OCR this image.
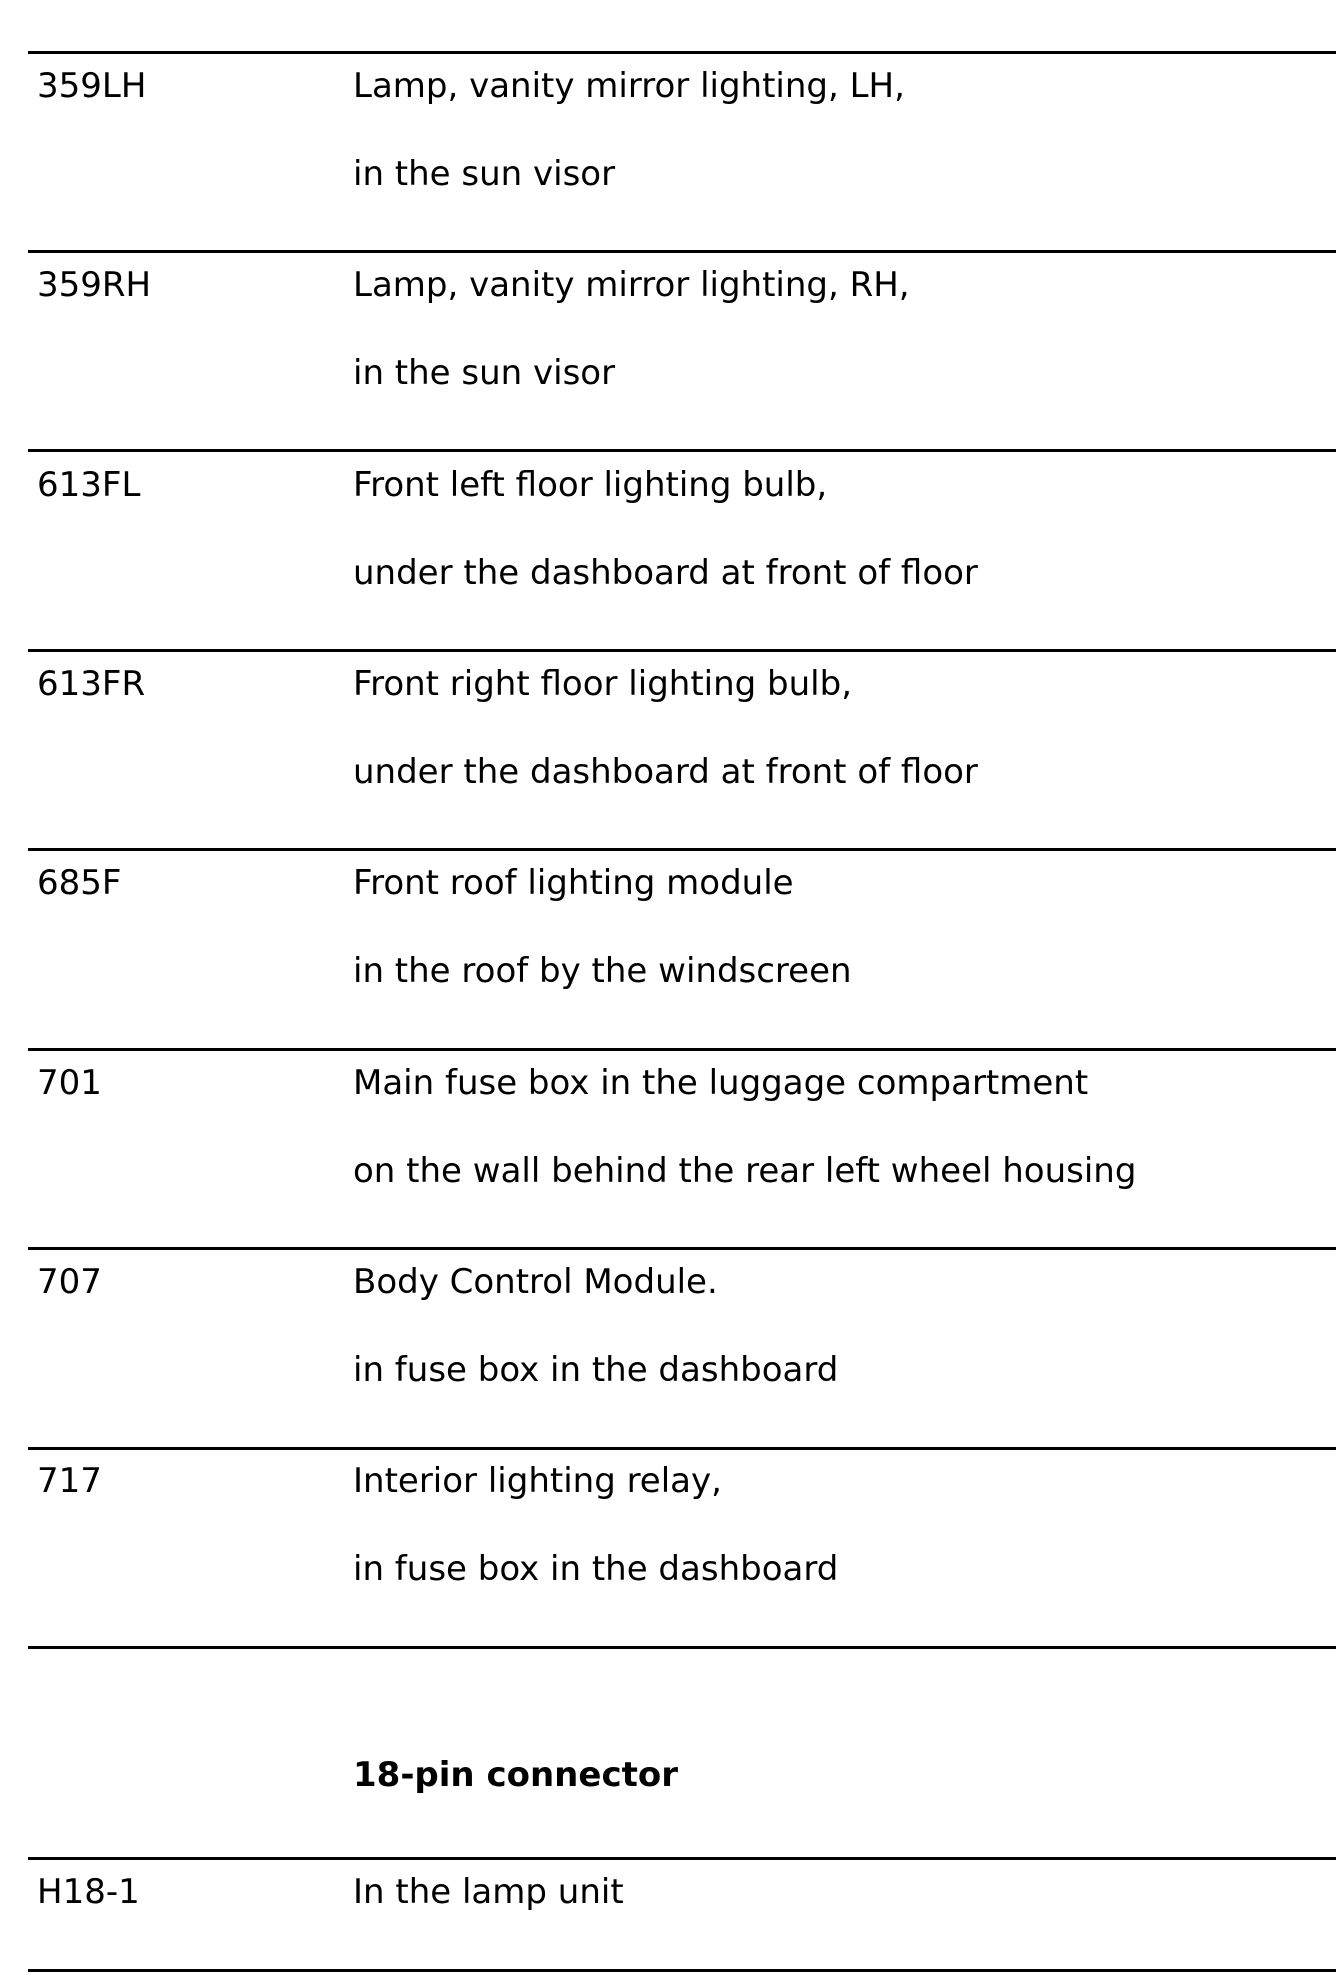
359LH	Lamp, vanity mirror lighting, LH,
in the sun visor
359RH	Lamp, vanity mirror lighting, RH,
in the sun visor
613FL	Front left floor lighting bulb,
under the dashboard at front of floor
613FR	Front right floor lighting bulb,
under the dashboard at front of floor
685F	Front roof lighting module
in the roof by the windscreen
701	Main fuse box in the luggage compartment
on the wall behind the rear left wheel housing
707	Body Control Module.
in fuse box in the dashboard
717	Interior lighting relay,
in fuse box in the dashboard
18-pin connector
H18-1	In the lamp unit
